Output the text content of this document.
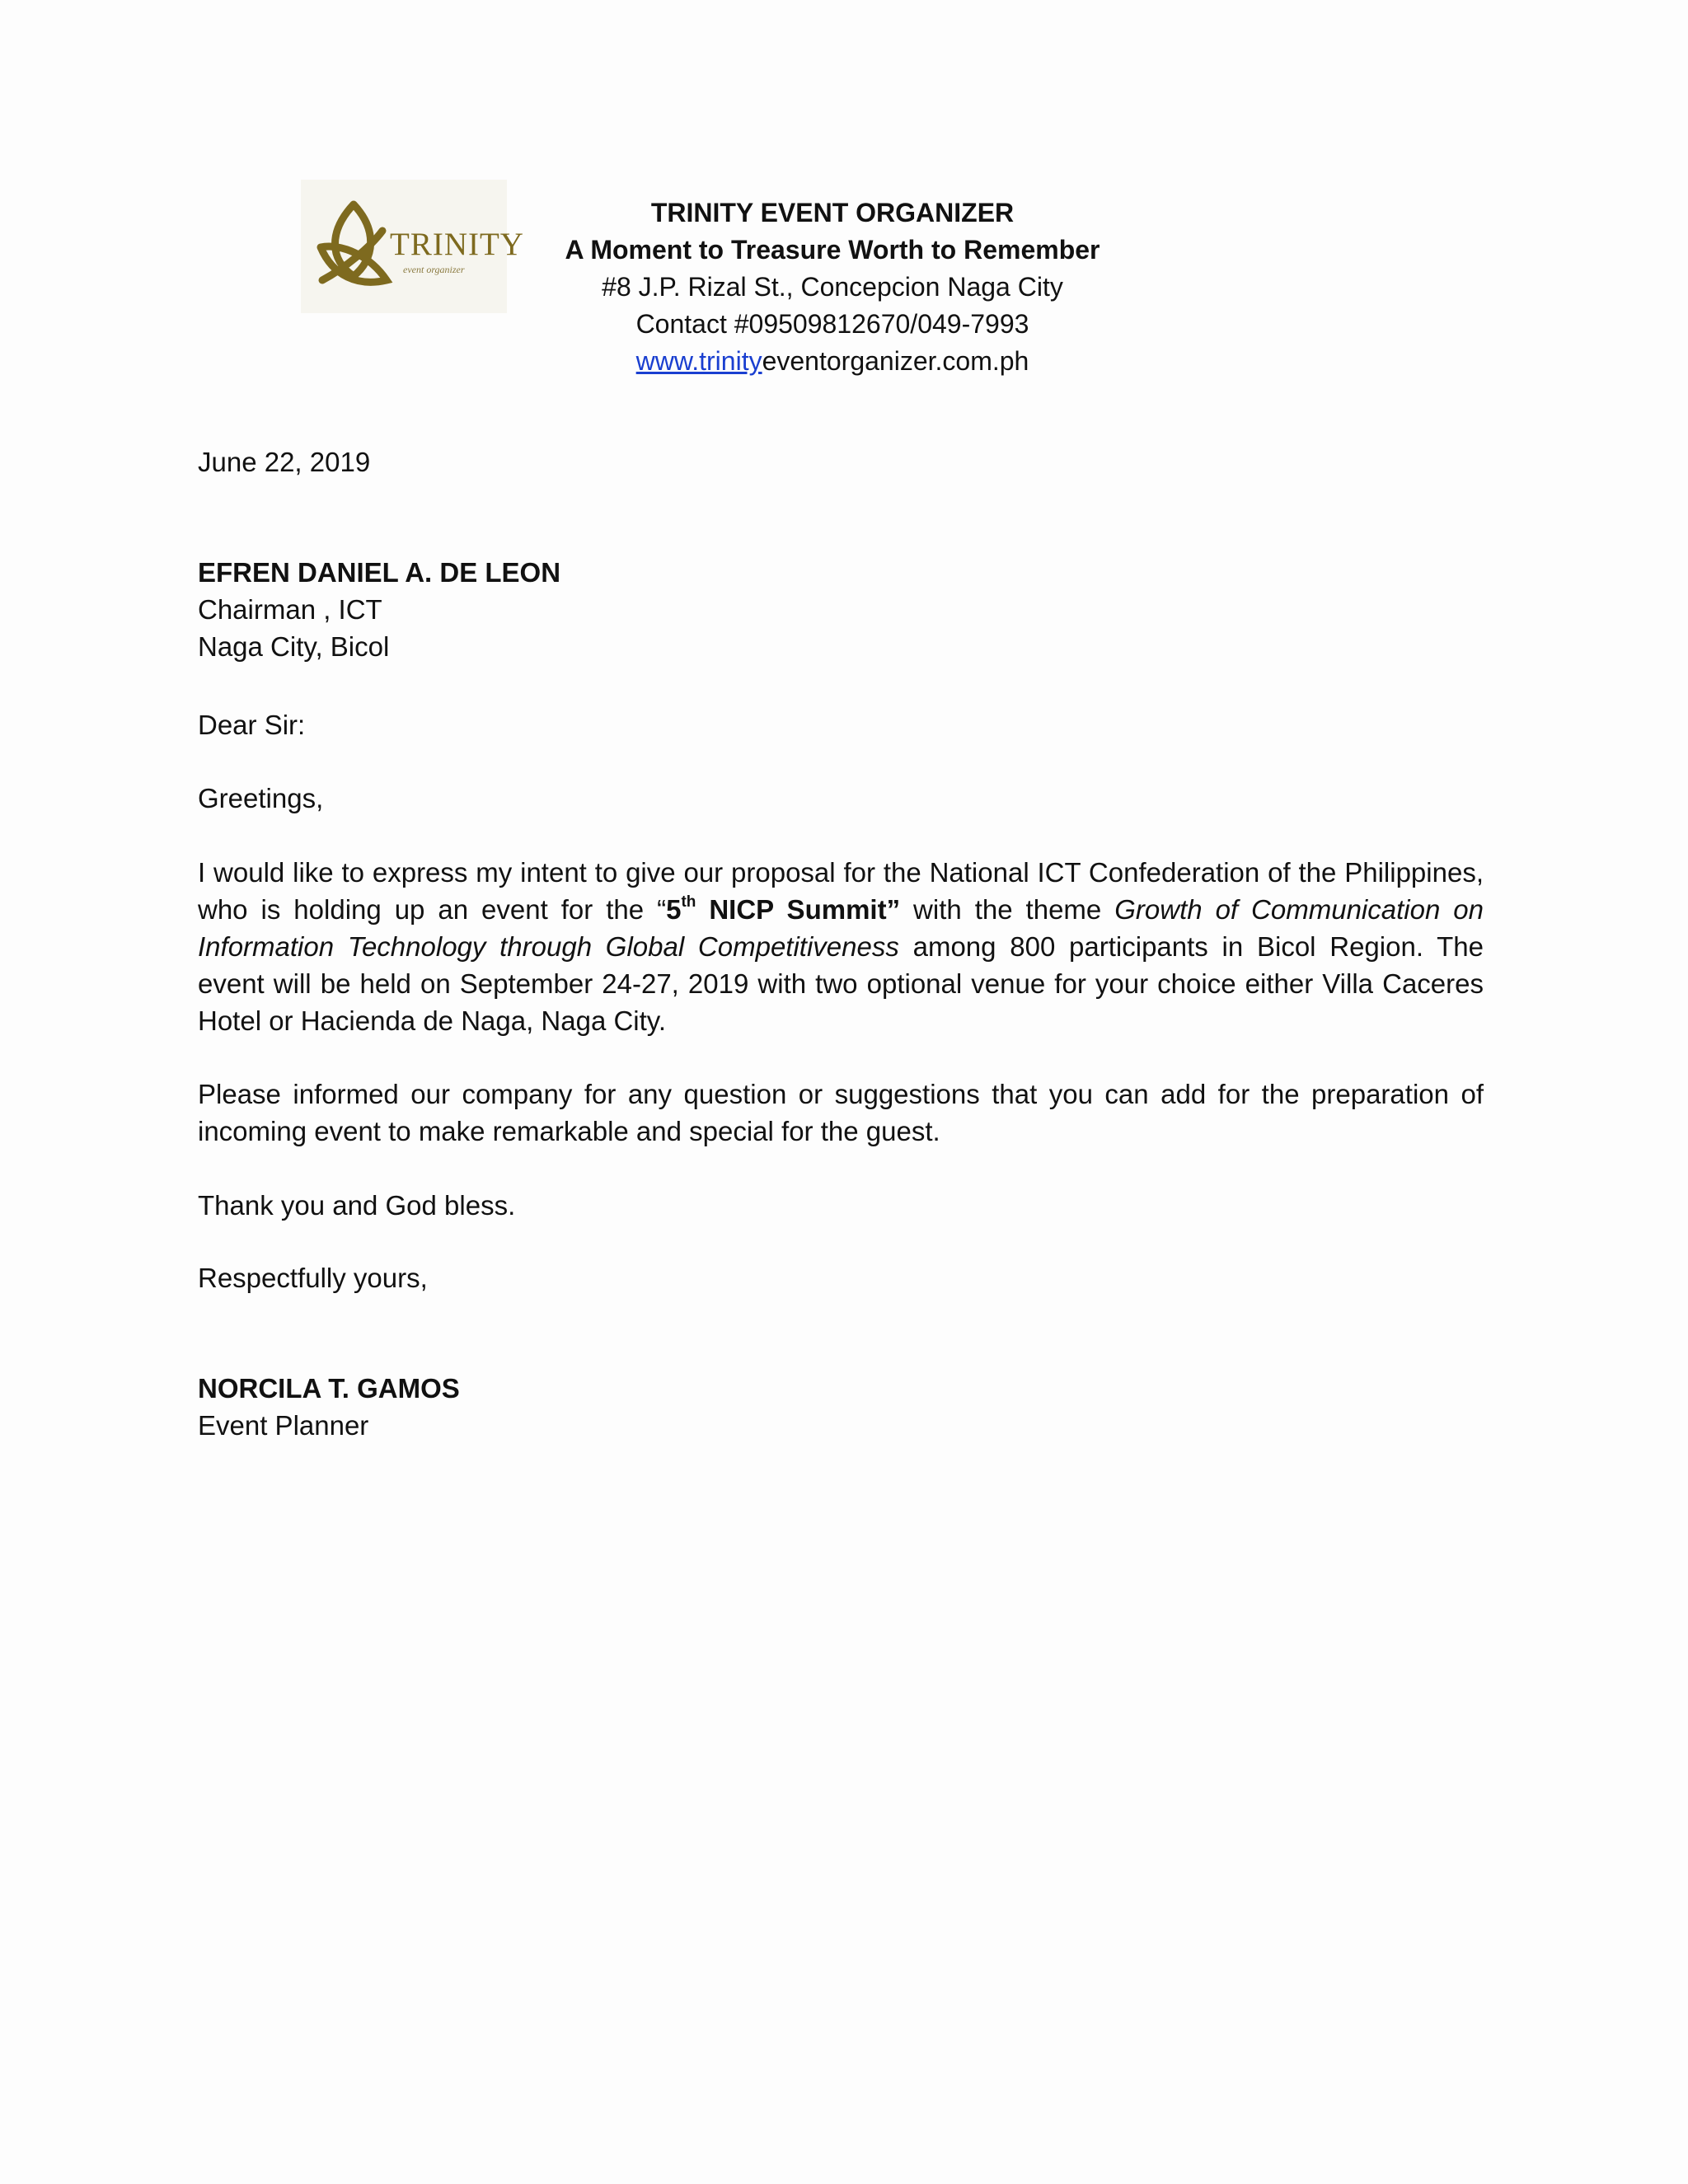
TRINITY
event organizer
TRINITY EVENT ORGANIZER
A Moment to Treasure Worth to Remember
#8 J.P. Rizal St., Concepcion Naga City
Contact #09509812670/049-7993
www.trinityeventorganizer.com.ph
June 22, 2019
EFREN DANIEL A. DE LEON
Chairman , ICT
Naga City, Bicol
Dear Sir:
Greetings,
I would like to express my intent to give our proposal for the National ICT Confederation of the Philippines, who is holding up an event for the “5th NICP Summit” with the theme Growth of Communication on Information Technology through Global Competitiveness among 800 participants in Bicol Region. The event will be held on September 24-27, 2019 with two optional venue for your choice either Villa Caceres Hotel or Hacienda de Naga, Naga City.
Please informed our company for any question or suggestions that you can add for the preparation of incoming event to make remarkable and special for the guest.
Thank you and God bless.
Respectfully yours,
NORCILA T. GAMOS
Event Planner
